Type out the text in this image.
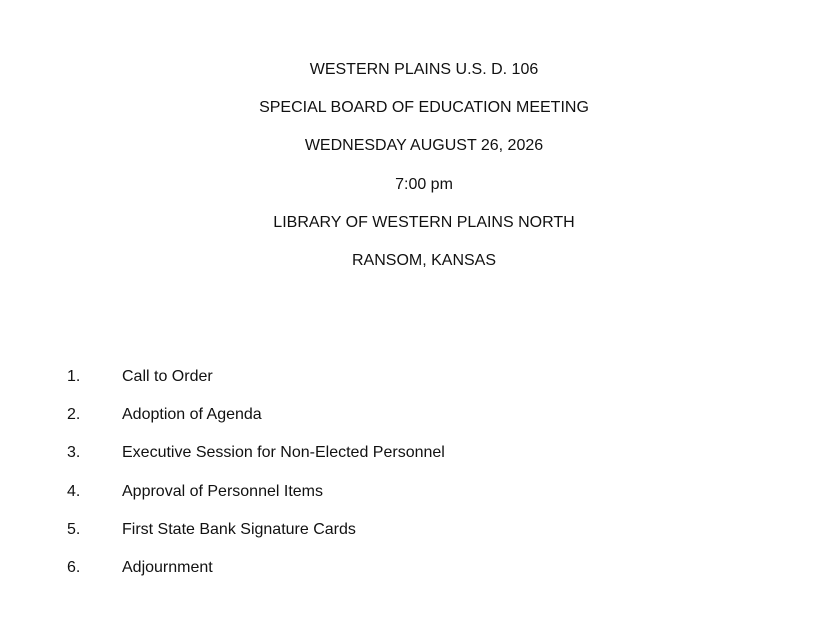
WESTERN PLAINS U.S. D. 106
SPECIAL BOARD OF EDUCATION MEETING
WEDNESDAY AUGUST 26, 2026
7:00 pm
LIBRARY OF WESTERN PLAINS NORTH
RANSOM, KANSAS
1.	Call to Order
2.	Adoption of Agenda
3.	Executive Session for Non-Elected Personnel
4.	Approval of Personnel Items
5.	First State Bank Signature Cards
6.	Adjournment
